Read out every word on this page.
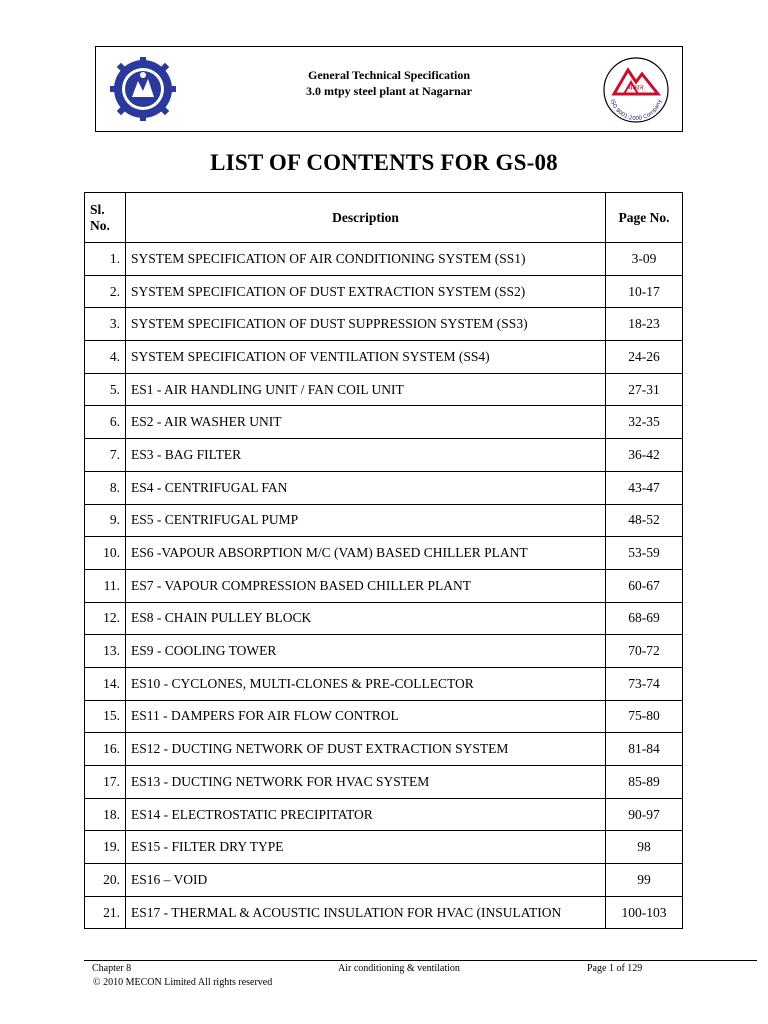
General Technical Specification
3.0 mtpy steel plant at Nagarnar	मेकान
ISO 9001:2000 Company
LIST OF CONTENTS FOR GS-08
Sl.
No.	Description	Page No.
1.	SYSTEM SPECIFICATION OF AIR CONDITIONING SYSTEM (SS1)	3-09
2.	SYSTEM SPECIFICATION OF DUST EXTRACTION SYSTEM (SS2)	10-17
3.	SYSTEM SPECIFICATION OF DUST SUPPRESSION SYSTEM (SS3)	18-23
4.	SYSTEM SPECIFICATION OF VENTILATION SYSTEM (SS4)	24-26
5.	ES1 - AIR HANDLING UNIT / FAN COIL UNIT	27-31
6.	ES2 - AIR WASHER UNIT	32-35
7.	ES3 - BAG FILTER	36-42
8.	ES4 - CENTRIFUGAL FAN	43-47
9.	ES5 - CENTRIFUGAL PUMP	48-52
10.	ES6 -VAPOUR ABSORPTION M/C (VAM) BASED CHILLER PLANT	53-59
11.	ES7 - VAPOUR COMPRESSION BASED CHILLER PLANT	60-67
12.	ES8 - CHAIN PULLEY BLOCK	68-69
13.	ES9 - COOLING TOWER	70-72
14.	ES10 - CYCLONES, MULTI-CLONES & PRE-COLLECTOR	73-74
15.	ES11 - DAMPERS FOR AIR FLOW CONTROL	75-80
16.	ES12 - DUCTING NETWORK OF DUST EXTRACTION SYSTEM	81-84
17.	ES13 - DUCTING NETWORK FOR HVAC SYSTEM	85-89
18.	ES14 - ELECTROSTATIC PRECIPITATOR	90-97
19.	ES15 - FILTER DRY TYPE	98
20.	ES16 – VOID	99
21.	ES17 - THERMAL & ACOUSTIC INSULATION FOR HVAC (INSULATION	100-103
Chapter 8	Air conditioning & ventilation	Page 1 of 129
© 2010 MECON Limited All rights reserved
